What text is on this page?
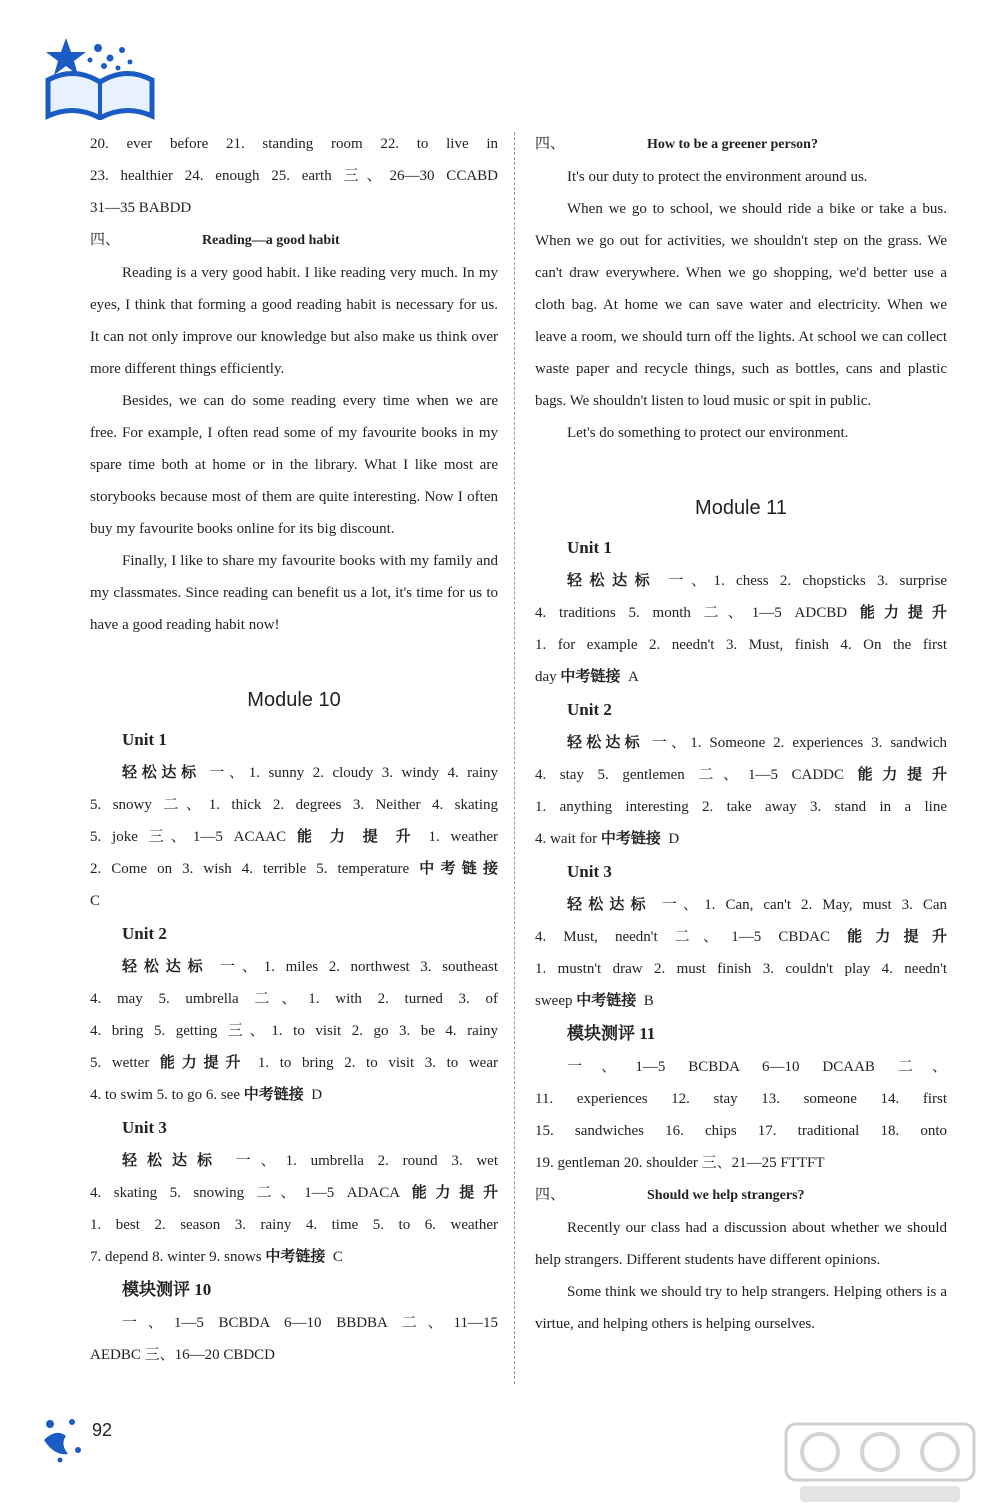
20. ever before 21. standing room 22. to live in
23. healthier 24. enough 25. earth 三、26—30 CCABD
31—35 BABDD
四、	Reading—a good habit

Reading is a very good habit. I like reading very much. In my eyes, I think that forming a good reading habit is necessary for us. It can not only improve our knowledge but also make us think over more different things efficiently.

Besides, we can do some reading every time when we are free. For example, I often read some of my favourite books in my spare time both at home or in the library. What I like most are storybooks because most of them are quite interesting. Now I often buy my favourite books online for its big discount.

Finally, I like to share my favourite books with my family and my classmates. Since reading can benefit us a lot, it's time for us to have a good reading habit now!

Module 10
Unit 1
轻松达标 一、1. sunny 2. cloudy 3. windy 4. rainy
5. snowy 二、1. thick 2. degrees 3. Neither 4. skating
5. joke 三、1—5 ACAAC 能 力 提 升 1. weather
2. Come on 3. wish 4. terrible 5. temperature 中考链接
C
Unit 2
轻松达标 一、1. miles 2. northwest 3. southeast
4. may 5. umbrella 二、1. with 2. turned 3. of
4. bring 5. getting 三、1. to visit 2. go 3. be 4. rainy
5. wetter 能力提升 1. to bring 2. to visit 3. to wear
4. to swim 5. to go 6. see 中考链接 D
Unit 3
轻松达标 一、1. umbrella 2. round 3. wet
4. skating 5. snowing 二、1—5 ADACA 能力提升
1. best 2. season 3. rainy 4. time 5. to 6. weather
7. depend 8. winter 9. snows 中考链接 C
模块测评 10
一、1—5 BCBDA 6—10 BBDBA 二、11—15
AEDBC 三、16—20 CBDCD
四、	How to be a greener person?

It's our duty to protect the environment around us.

When we go to school, we should ride a bike or take a bus. When we go out for activities, we shouldn't step on the grass. We can't draw everywhere. When we go shopping, we'd better use a cloth bag. At home we can save water and electricity. When we leave a room, we should turn off the lights. At school we can collect waste paper and recycle things, such as bottles, cans and plastic bags. We shouldn't listen to loud music or spit in public.

Let's do something to protect our environment.

Module 11
Unit 1
轻松达标 一、1. chess 2. chopsticks 3. surprise
4. traditions 5. month 二、1—5 ADCBD 能力提升
1. for example 2. needn't 3. Must, finish 4. On the first
day 中考链接 A
Unit 2
轻松达标 一、1. Someone 2. experiences 3. sandwich
4. stay 5. gentlemen 二、1—5 CADDC 能力提升
1. anything interesting 2. take away 3. stand in a line
4. wait for 中考链接 D
Unit 3
轻松达标 一、1. Can, can't 2. May, must 3. Can
4. Must, needn't 二、1—5 CBDAC 能力提升
1. mustn't draw 2. must finish 3. couldn't play 4. needn't
sweep 中考链接 B
模块测评 11
一、1—5 BCBDA 6—10 DCAAB 二、
11. experiences 12. stay 13. someone 14. first
15. sandwiches 16. chips 17. traditional 18. onto
19. gentleman 20. shoulder 三、21—25 FTTFT
四、	Should we help strangers?

Recently our class had a discussion about whether we should help strangers. Different students have different opinions.

Some think we should try to help strangers. Helping others is a virtue, and helping others is helping ourselves.

92
